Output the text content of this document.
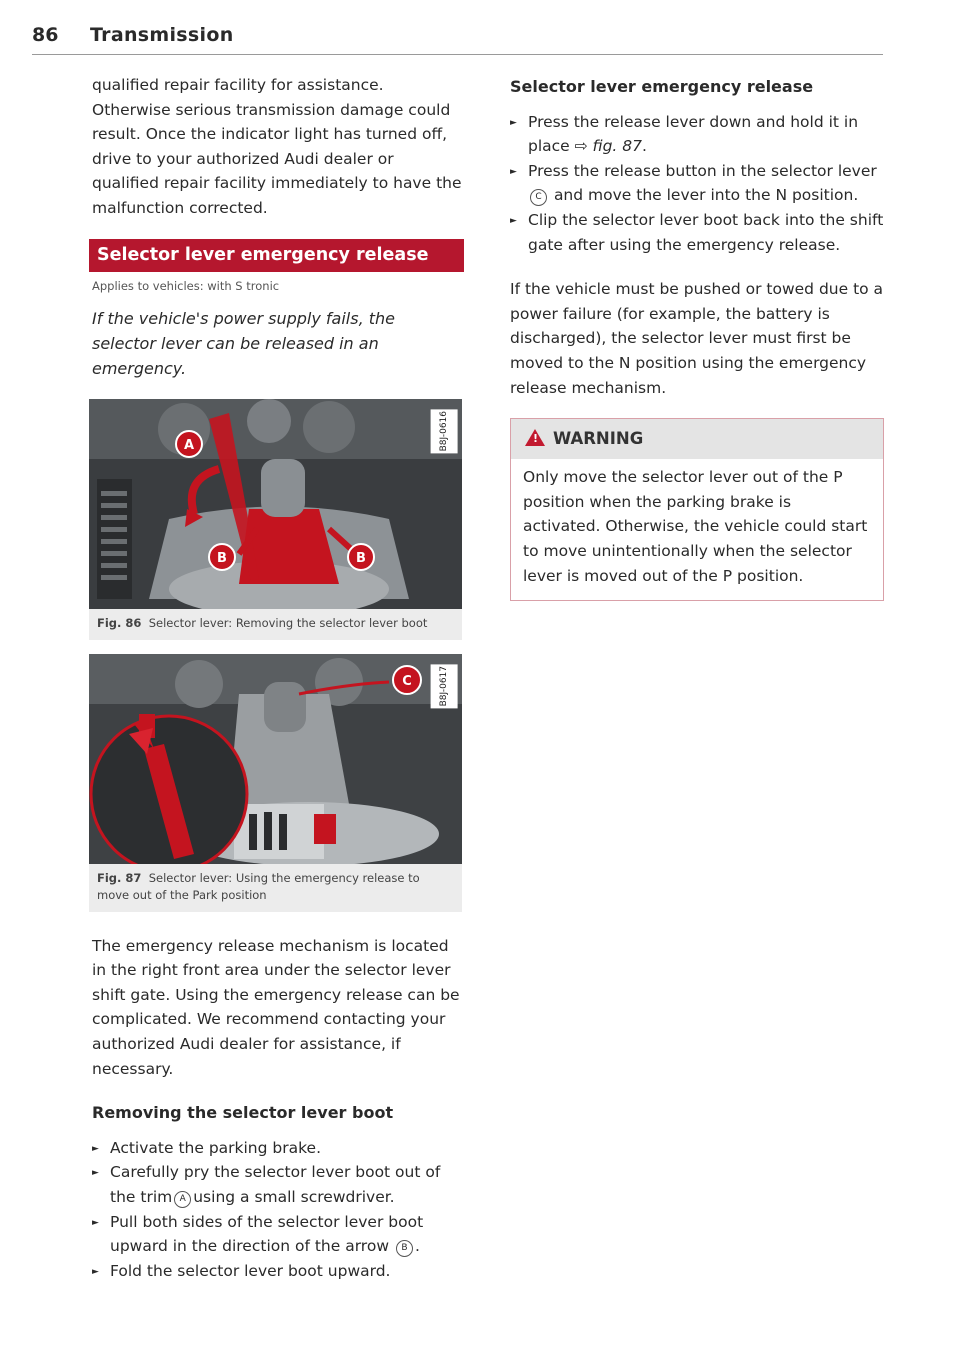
86 Transmission

qualified repair facility for assistance. Otherwise serious transmission damage could result. Once the indicator light has turned off, drive to your authorized Audi dealer or qualified repair facility immediately to have the malfunction corrected.

Selector lever emergency release
Applies to vehicles: with S tronic

If the vehicle's power supply fails, the selector lever can be released in an emergency.

A
B	B
B8J-0616
Fig. 86 Selector lever: Removing the selector lever boot
C	B8J-0617
Fig. 87 Selector lever: Using the emergency release to move out of the Park position

The emergency release mechanism is located in the right front area under the selector lever shift gate. Using the emergency release can be complicated. We recommend contacting your authorized Audi dealer for assistance, if necessary.

Removing the selector lever boot
► Activate the parking brake.
► Carefully pry the selector lever boot out of the trim A using a small screwdriver.
► Pull both sides of the selector lever boot upward in the direction of the arrow B .
► Fold the selector lever boot upward.
Selector lever emergency release
► Press the release lever down and hold it in place ⇨ fig. 87.
► Press the release button in the selector lever C and move the lever into the N position.
► Clip the selector lever boot back into the shift gate after using the emergency release.

If the vehicle must be pushed or towed due to a power failure (for example, the battery is discharged), the selector lever must first be moved to the N position using the emergency release mechanism.

! WARNING
Only move the selector lever out of the P position when the parking brake is activated. Otherwise, the vehicle could start to move unintentionally when the selector lever is moved out of the P position.
